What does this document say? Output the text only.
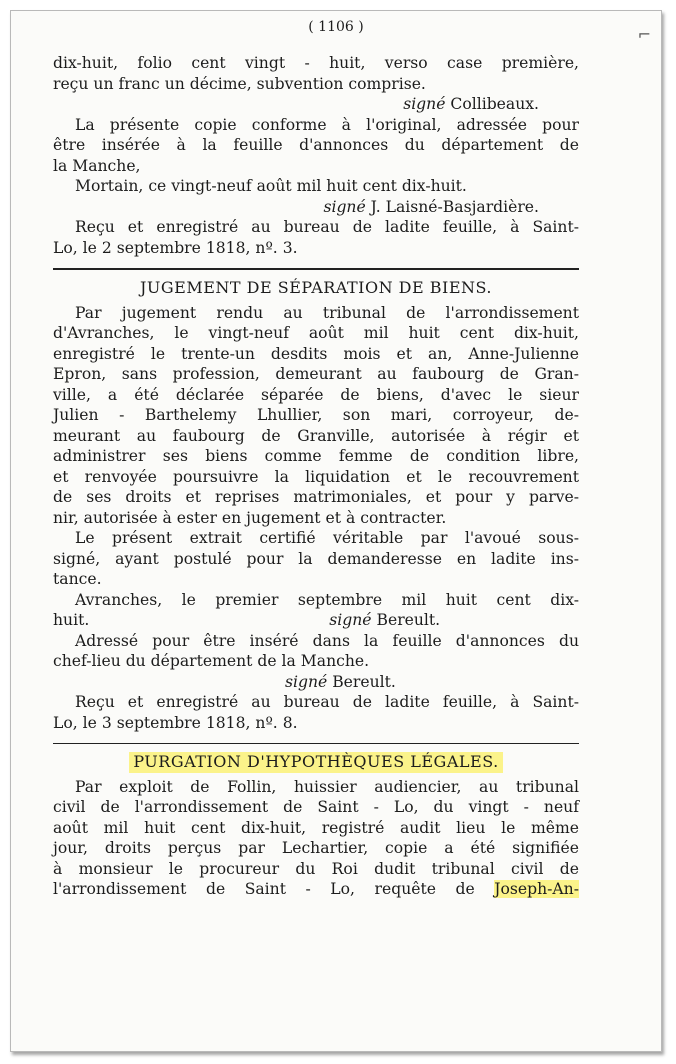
( 1106 )	⌐
dix-huit, folio cent vingt - huit, verso case première,
reçu un franc un décime, subvention comprise.
signé Collibeaux.
La présente copie conforme à l'original, adressée pour
être insérée à la feuille d'annonces du département de
la Manche,
Mortain, ce vingt-neuf août mil huit cent dix-huit.
signé J. Laisné-Basjardière.
Reçu et enregistré au bureau de ladite feuille, à Saint-
Lo, le 2 septembre 1818, nº. 3.
JUGEMENT DE SÉPARATION DE BIENS.
Par jugement rendu au tribunal de l'arrondissement
d'Avranches, le vingt-neuf août mil huit cent dix-huit,
enregistré le trente-un desdits mois et an, Anne-Julienne
Epron, sans profession, demeurant au faubourg de Gran-
ville, a été déclarée séparée de biens, d'avec le sieur
Julien - Barthelemy Lhullier, son mari, corroyeur, de-
meurant au faubourg de Granville, autorisée à régir et
administrer ses biens comme femme de condition libre,
et renvoyée poursuivre la liquidation et le recouvrement
de ses droits et reprises matrimoniales, et pour y parve-
nir, autorisée à ester en jugement et à contracter.
Le présent extrait certifié véritable par l'avoué sous-
signé, ayant postulé pour la demanderesse en ladite ins-
tance.
Avranches, le premier septembre mil huit cent dix-
huit.	signé Bereult.
Adressé pour être inséré dans la feuille d'annonces du
chef-lieu du département de la Manche.
signé Bereult.
Reçu et enregistré au bureau de ladite feuille, à Saint-
Lo, le 3 septembre 1818, nº. 8.
PURGATION D'HYPOTHÈQUES LÉGALES.
Par exploit de Follin, huissier audiencier, au tribunal
civil de l'arrondissement de Saint - Lo, du vingt - neuf
août mil huit cent dix-huit, registré audit lieu le même
jour, droits perçus par Lechartier, copie a été signifiée
à monsieur le procureur du Roi dudit tribunal civil de
l'arrondissement de Saint - Lo, requête de Joseph-An-
